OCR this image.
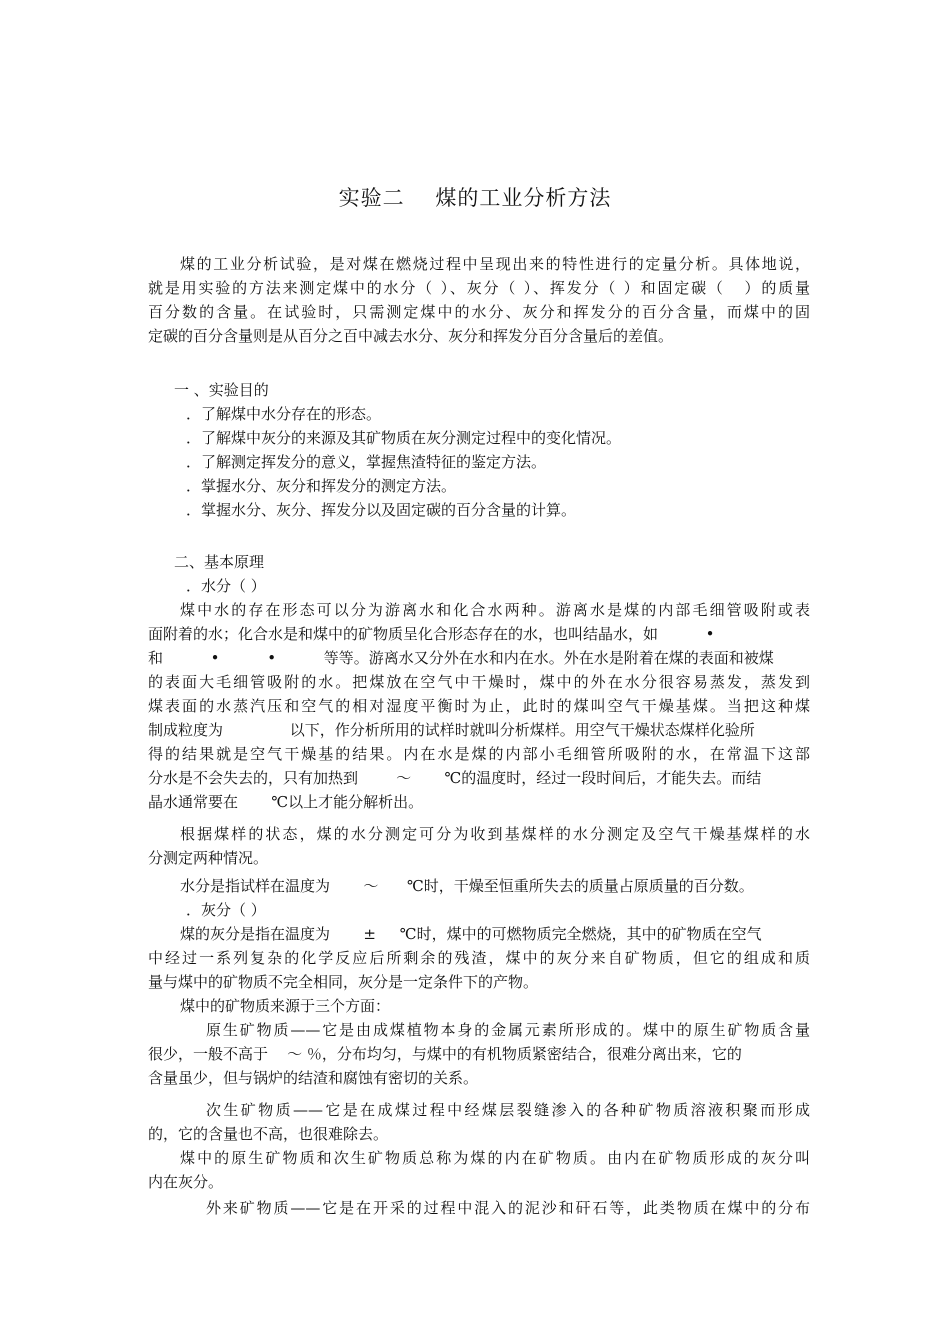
实验二    煤的工业分析方法
煤的工业分析试验，是对煤在燃烧过程中呈现出来的特性进行的定量分析。具体地说，
就是用实验的方法来测定煤中的水分（ ）、灰分（ ）、挥发分（ ）和固定碳（   ）的质量
百分数的含量。在试验时，只需测定煤中的水分、灰分和挥发分的百分含量，而煤中的固
定碳的百分含量则是从百分之百中减去水分、灰分和挥发分百分含量后的差值。
一 、实验目的
．了解煤中水分存在的形态。
．了解煤中灰分的来源及其矿物质在灰分测定过程中的变化情况。
．了解测定挥发分的意义，掌握焦渣特征的鉴定方法。
．掌握水分、灰分和挥发分的测定方法。
．掌握水分、灰分、挥发分以及固定碳的百分含量的计算。
二、基本原理
．水分（ ）
煤中水的存在形态可以分为游离水和化合水两种。游离水是煤的内部毛细管吸附或表
面附着的水；化合水是和煤中的矿物质呈化合形态存在的水，也叫结晶水，如          •
和          •          •          等等。游离水又分外在水和内在水。外在水是附着在煤的表面和被煤
的表面大毛细管吸附的水。把煤放在空气中干燥时，煤中的外在水分很容易蒸发，蒸发到
煤表面的水蒸汽压和空气的相对湿度平衡时为止，此时的煤叫空气干燥基煤。当把这种煤
制成粒度为              以下，作分析所用的试样时就叫分析煤样。用空气干燥状态煤样化验所
得的结果就是空气干燥基的结果。内在水是煤的内部小毛细管所吸附的水，在常温下这部
分水是不会失去的，只有加热到        ～       ℃的温度时，经过一段时间后，才能失去。而结
晶水通常要在       ℃以上才能分解析出。
根据煤样的状态，煤的水分测定可分为收到基煤样的水分测定及空气干燥基煤样的水
分测定两种情况。
水分是指试样在温度为       ～      ℃时，干燥至恒重所失去的质量占原质量的百分数。
．灰分（ ）
煤的灰分是指在温度为       ±     ℃时，煤中的可燃物质完全燃烧，其中的矿物质在空气
中经过一系列复杂的化学反应后所剩余的残渣，煤中的灰分来自矿物质，但它的组成和质
量与煤中的矿物质不完全相同，灰分是一定条件下的产物。
煤中的矿物质来源于三个方面：
原生矿物质——它是由成煤植物本身的金属元素所形成的。煤中的原生矿物质含量
很少，一般不高于    ～ ％，分布均匀，与煤中的有机物质紧密结合，很难分离出来，它的
含量虽少，但与锅炉的结渣和腐蚀有密切的关系。
次生矿物质——它是在成煤过程中经煤层裂缝渗入的各种矿物质溶液积聚而形成
的，它的含量也不高，也很难除去。
煤中的原生矿物质和次生矿物质总称为煤的内在矿物质。由内在矿物质形成的灰分叫
内在灰分。
外来矿物质——它是在开采的过程中混入的泥沙和矸石等，此类物质在煤中的分布
